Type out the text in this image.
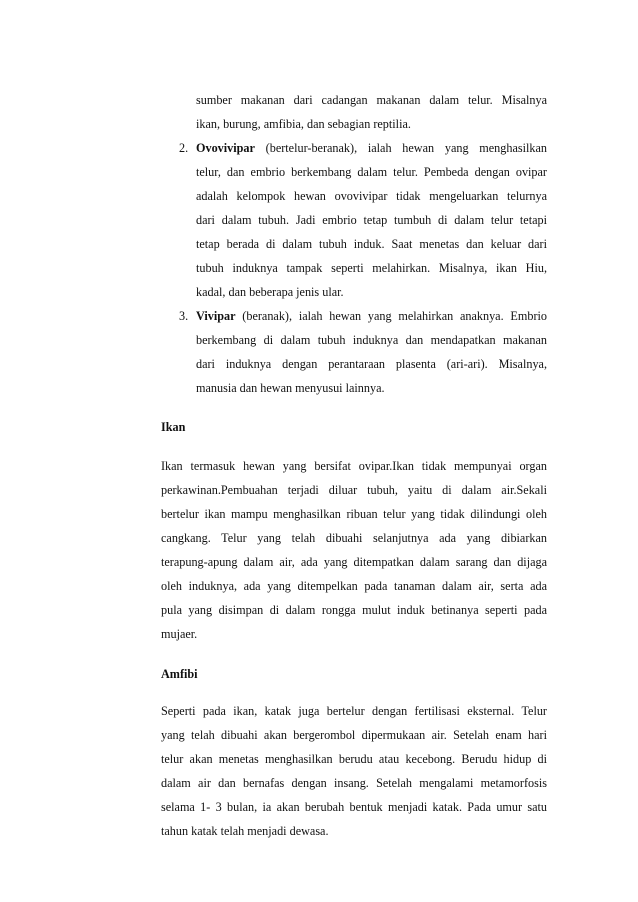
sumber makanan dari cadangan makanan dalam telur. Misalnya
ikan, burung, amfibia, dan sebagian reptilia.
2. Ovovivipar (bertelur-beranak), ialah hewan yang menghasilkan
telur, dan embrio berkembang dalam telur. Pembeda dengan ovipar
adalah kelompok hewan ovovivipar tidak mengeluarkan telurnya
dari dalam tubuh. Jadi embrio tetap tumbuh di dalam telur tetapi
tetap berada di dalam tubuh induk. Saat menetas dan keluar dari
tubuh induknya tampak seperti melahirkan. Misalnya, ikan Hiu,
kadal, dan beberapa jenis ular.
3. Vivipar (beranak), ialah hewan yang melahirkan anaknya. Embrio
berkembang di dalam tubuh induknya dan mendapatkan makanan
dari induknya dengan perantaraan plasenta (ari-ari). Misalnya,
manusia dan hewan menyusui lainnya.
Ikan
Ikan termasuk hewan yang bersifat ovipar.Ikan tidak mempunyai organ
perkawinan.Pembuahan terjadi diluar tubuh, yaitu di dalam air.Sekali
bertelur ikan mampu menghasilkan ribuan telur yang tidak dilindungi oleh
cangkang. Telur yang telah dibuahi selanjutnya ada yang dibiarkan
terapung-apung dalam air, ada yang ditempatkan dalam sarang dan dijaga
oleh induknya, ada yang ditempelkan pada tanaman dalam air, serta ada
pula yang disimpan di dalam rongga mulut induk betinanya seperti pada
mujaer.
Amfibi
Seperti pada ikan, katak juga bertelur dengan fertilisasi eksternal. Telur
yang telah dibuahi akan bergerombol dipermukaan air. Setelah enam hari
telur akan menetas menghasilkan berudu atau kecebong. Berudu hidup di
dalam air dan bernafas dengan insang. Setelah mengalami metamorfosis
selama 1- 3 bulan, ia akan berubah bentuk menjadi katak. Pada umur satu
tahun katak telah menjadi dewasa.
